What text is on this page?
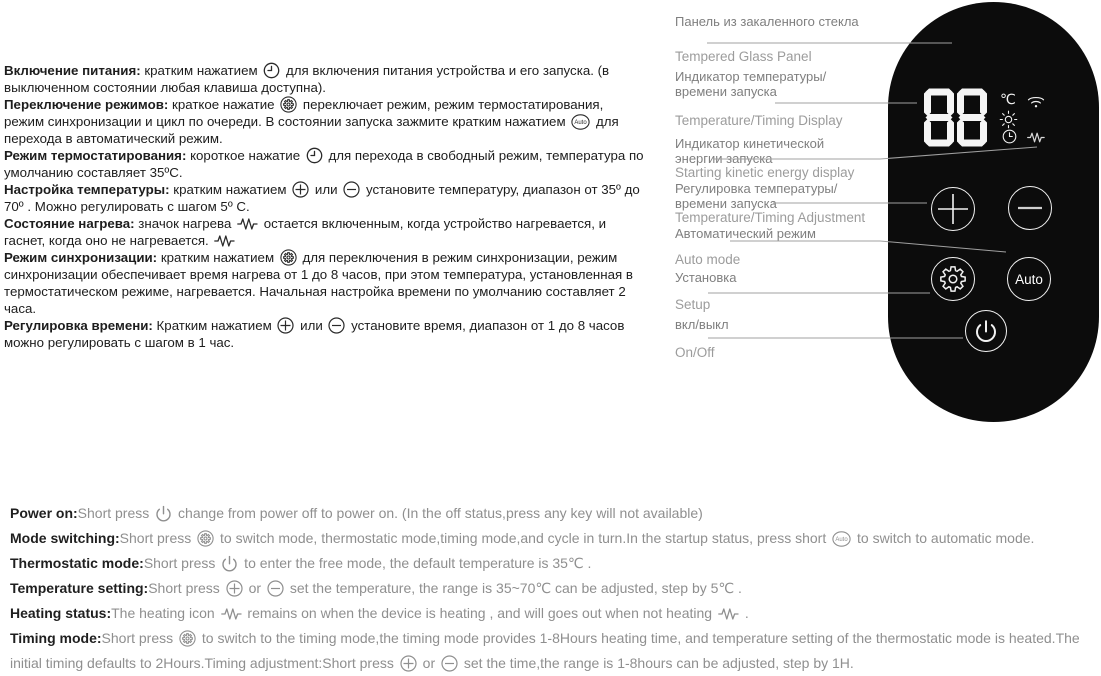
Включение питания: кратким нажатием  для включения питания устройства и его запуска. (в выключенном состоянии любая клавиша доступна).

Переключение режимов: краткое нажатие  переключает режим, режим термостатирования, режим синхронизации и цикл по очереди. В состоянии запуска зажмите кратким нажатием Auto для перехода в автоматический режим.

Режим термостатирования: короткое нажатие  для перехода в свободный режим, температура по умолчанию составляет 35ºС.

Настройка температуры: кратким нажатием  или  установите температуру, диапазон от 35º до 70º . Можно регулировать с шагом 5º С.

Состояние нагрева: значок нагрева  остается включенным, когда устройство нагревается, и гаснет, когда оно не нагревается.

Режим синхронизации: кратким нажатием  для переключения в режим синхронизации, режим синхронизации обеспечивает время нагрева от 1 до 8 часов, при этом температура, установленная в термостатическом режиме, нагревается. Начальная настройка времени по умолчанию составляет 2 часа.

Регулировка времени: Кратким нажатием  или  установите время, диапазон от 1 до 8 часов можно регулировать с шагом в 1 час.

Панель из закаленного стекла
Tempered Glass Panel
Индикатор температуры/
времени запуска
Temperature/Timing Display
Индикатор кинетической
энергии запуска
Starting kinetic energy display
Регулировка температуры/
времени запуска
Temperature/Timing Adjustment
Автоматический режим
Auto mode
Установка
Setup
вкл/выкл
On/Off
℃
Auto

Power on:Short press  change from power off to power on. (In the off status,press any key will not available)

Mode switching:Short press  to switch mode, thermostatic mode,timing mode,and cycle in turn.In the startup status, press short Auto to switch to automatic mode.

Thermostatic mode:Short press  to enter the free mode, the default temperature is 35℃ .

Temperature setting:Short press  or  set the temperature, the range is 35~70℃ can be adjusted, step by 5℃ .

Heating status:The heating icon  remains on when the device is heating , and will goes out when not heating  .

Timing mode:Short press  to switch to the timing mode,the timing mode provides 1-8Hours heating time, and temperature setting of the thermostatic mode is heated.The initial timing defaults to 2Hours.Timing adjustment:Short press  or  set the time,the range is 1-8hours can be adjusted, step by 1H.
